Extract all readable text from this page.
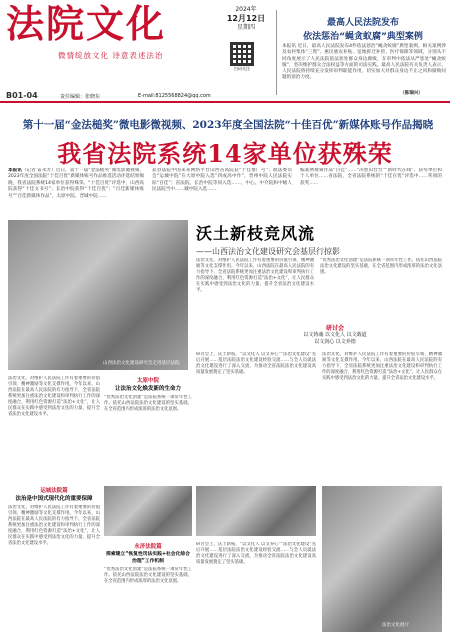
法院文化
微情绽放文化 诗意表述法治
2024年
12月12日
星期四
扫码关注
最高人民法院发布
依法惩治“蝇贪蚁腐”典型案例
本报讯 近日，最高人民法院发布4件依法惩治“蝇贪蚁腐”典型案例。相关案例涉及农村集体“三资”、惠民惠农补贴、征地拆迁补偿、医疗保障等领域，分别从不同角度展示了人民法院依法惩处群众身边腐败，在审判中依法从严惩处“蝇贪蚁腐”，坚决维护群众合法权益等方面的司法实践。最高人民法院有关负责人表示，人民法院将持续充分发挥审判职能作用，切实加大对群众身边不正之风和腐败问题的惩治力度。
（陈瑞兴）
B01-04	责任编辑：张晓东	E-mail:8125568824@qq.com
第十一届“金法槌奖”微电影微视频、2023年度全国法院“十佳百优”新媒体账号作品揭晓
我省法院系统14家单位获殊荣
本报讯（记者 雷永芳）近日，第十一届“金法槌奖”微电影微视频、2023年度全国法院“十佳百优”新媒体账号作品推选活动评选结果揭晓，我省法院系统14家单位获得殊荣。“十佳百优”评选中，山西高院获得“十佳文书号”；长治中院获得“十佳百优”；“百佳新媒体账号”“百佳新媒体作品”，太原中院、晋城中院……
获县法院中国来来网络平台山西省高院获“十佳推广号”；政法委员会“运城中院”在大原中院入选“四成高中作”，晋州中院人民法院实际“百佳”；省法院、长治中院等同入选……，中心、中介院和中级人民法院当中……城中院入选……
编案例视频作品“百佳”……“决胜山台台”“新时代在线”、获奖单位和个人单位……省法院，全省法院系统的“十佳百优”评选中……奖项的获奖……
山西法治文化建设研究会走进基层法院
沃土新枝竞风流
——山西法治文化建设研究会基层行掠影
法治文化，对维护人民法院工作有着重要的价值引领、精神激励等文化支撑作用。今年以来，山西法院在最高人民法院的有力指导下，全省法院系统更加注重法治文化建设和审判执行工作的深度融合，利用红色资源打造“法治+文化”，让人民群众在实践中感受到法治文化的力量，提升全省法治文化建设水平。
“优秀法治文化创建”是法院系统一项常年性工作。依托山西法院法治文化建设的坚实基础，在全省范围内形成浓厚的法治文化氛围。
研讨会
以文铸魂 以文化人 以文载道
以文润心 以文养德
法治文化，对维护人民法院工作有着重要的价值引领、精神激励等文化支撑作用。今年以来，山西法院在最高人民法院的有力指导下，全省法院系统更加注重法治文化建设和审判执行工作的深度融合，利用红色资源打造“法治+文化”，让人民群众在实践中感受到法治文化的力量，提升全省法治文化建设水平。
太原中院
让法治文化焕发新的生命力
“优秀法治文化创建”是法院系统一项常年性工作。依托山西法院法治文化建设的坚实基础，在全省范围内形成浓厚的法治文化氛围。
研讨会上，沃土新枝，“以文化人 以文养心”“法治文化建设”先后开展……基层法院法治文化建设经验交流……与会人员就法治文化建设进行了深入交流，为推动全省法院法治文化建设高质量发展奠定了坚实基础。
法治文化，对维护人民法院工作有着重要的价值引领、精神激励等文化支撑作用。今年以来，山西法院在最高人民法院的有力指导下，全省法院系统更加注重法治文化建设和审判执行工作的深度融合，利用红色资源打造“法治+文化”，让人民群众在实践中感受到法治文化的力量，提升全省法治文化建设水平。
运城法院篇
法治是中国式现代化的重要保障
法治文化，对维护人民法院工作有着重要的价值引领、精神激励等文化支撑作用。今年以来，山西法院在最高人民法院的有力指导下，全省法院系统更加注重法治文化建设和审判执行工作的深度融合，利用红色资源打造“法治+文化”，让人民群众在实践中感受到法治文化的力量，提升全省法治文化建设水平。
永济法院篇
探索建立“恢复性司法实践+社会化综合治理”工作机制
“优秀法治文化创建”是法院系统一项常年性工作。依托山西法院法治文化建设的坚实基础，在全省范围内形成浓厚的法治文化氛围。
研讨会上，沃土新枝，“以文化人 以文养心”“法治文化建设”先后开展……基层法院法治文化建设经验交流……与会人员就法治文化建设进行了深入交流，为推动全省法院法治文化建设高质量发展奠定了坚实基础。
法治文化展厅
